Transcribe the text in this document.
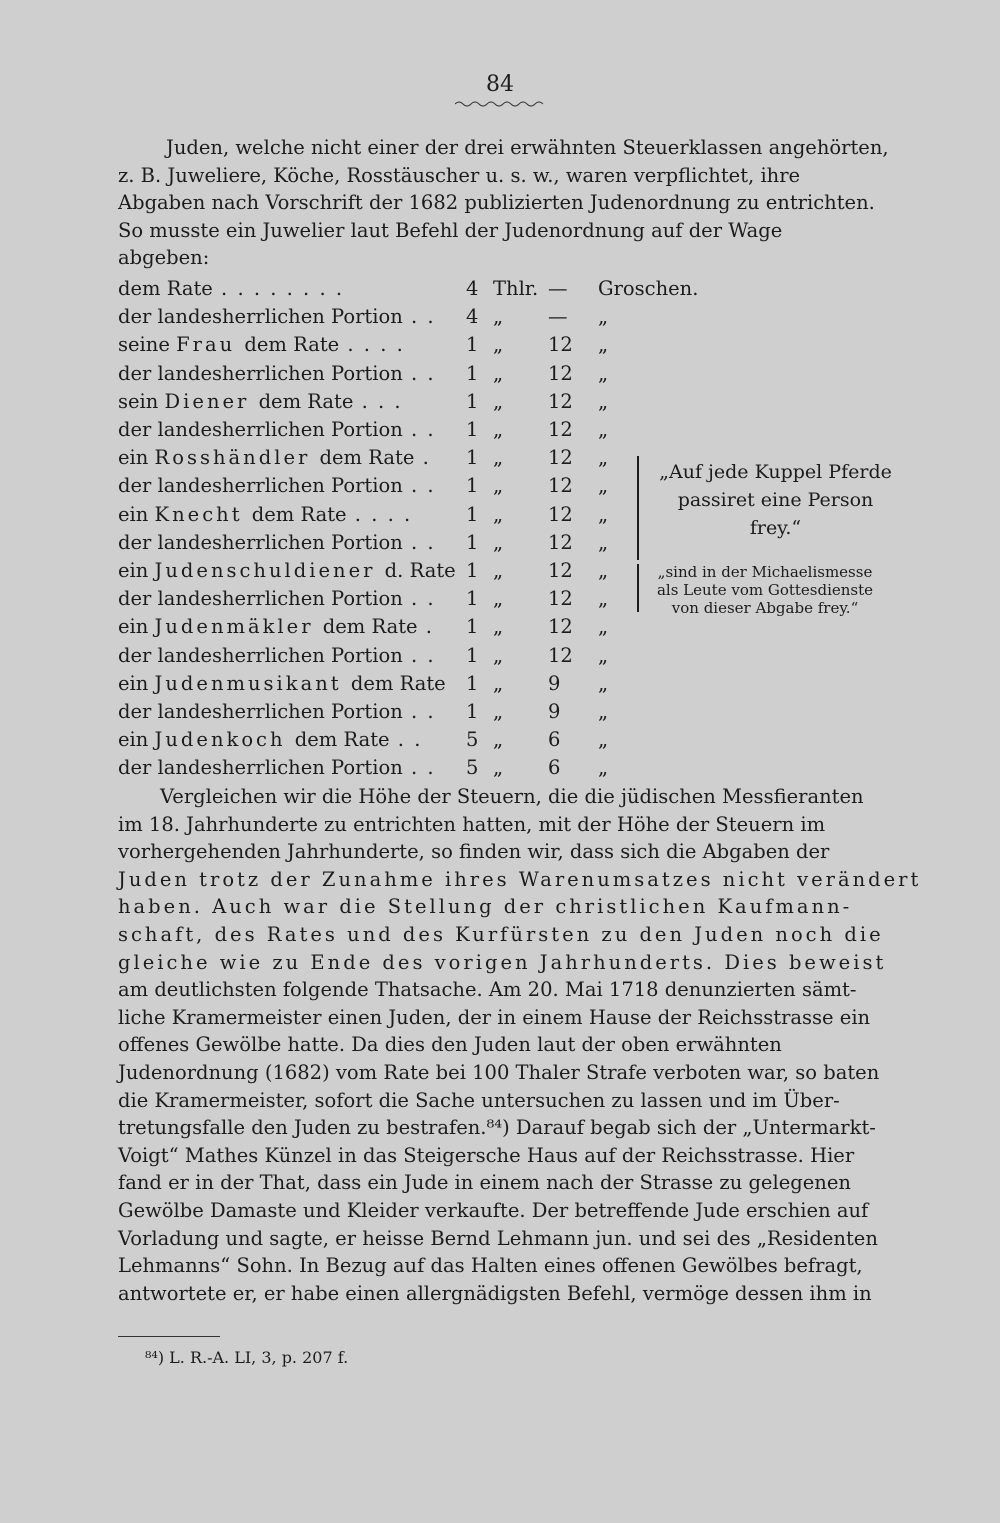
84
Juden, welche nicht einer der drei erwähnten Steuerklassen angehörten,
z. B. Juweliere, Köche, Rosstäuscher u. s. w., waren verpflichtet, ihre
Abgaben nach Vorschrift der 1682 publizierten Judenordnung zu entrichten.
So musste ein Juwelier laut Befehl der Judenordnung auf der Wage
abgeben:
dem Rate . . . . . . . .	4 Thlr. — Groschen.
der landesherrlichen Portion . . 4 „ — „
seine Frau dem Rate . . . .	1 „ 12 „
der landesherrlichen Portion . . 1 „ 12 „
sein Diener dem Rate . . .	1 „ 12 „
der landesherrlichen Portion . . 1 „ 12 „
ein Rosshändler dem Rate . 1 „ 12 „
der landesherrlichen Portion . . 1 „ 12 „
ein Knecht dem Rate . . . .	1 „ 12 „
der landesherrlichen Portion . . 1 „ 12 „
ein Judenschuldiener d. Rate 1 „ 12 „
der landesherrlichen Portion . . 1 „ 12 „
ein Judenmäkler dem Rate . 1 „ 12 „
der landesherrlichen Portion . . 1 „ 12 „
ein Judenmusikant dem Rate 1 „ 9 „
der landesherrlichen Portion . . 1 „ 9 „
ein Judenkoch dem Rate . . 5 „ 6 „
der landesherrlichen Portion . . 5 „ 6 „
„Auf jede Kuppel Pferde
passiret eine Person
frey.“
„sind in der Michaelismesse
als Leute vom Gottesdienste
von dieser Abgabe frey.“
Vergleichen wir die Höhe der Steuern, die die jüdischen Messfieranten
im 18. Jahrhunderte zu entrichten hatten, mit der Höhe der Steuern im
vorhergehenden Jahrhunderte, so finden wir, dass sich die Abgaben der
Juden trotz der Zunahme ihres Warenumsatzes nicht verändert
haben. Auch war die Stellung der christlichen Kaufmann-
schaft, des Rates und des Kurfürsten zu den Juden noch die
gleiche wie zu Ende des vorigen Jahrhunderts. Dies beweist
am deutlichsten folgende Thatsache. Am 20. Mai 1718 denunzierten sämt-
liche Kramermeister einen Juden, der in einem Hause der Reichsstrasse ein
offenes Gewölbe hatte. Da dies den Juden laut der oben erwähnten
Judenordnung (1682) vom Rate bei 100 Thaler Strafe verboten war, so baten
die Kramermeister, sofort die Sache untersuchen zu lassen und im Über-
tretungsfalle den Juden zu bestrafen.⁸⁴) Darauf begab sich der „Untermarkt-
Voigt“ Mathes Künzel in das Steigersche Haus auf der Reichsstrasse. Hier
fand er in der That, dass ein Jude in einem nach der Strasse zu gelegenen
Gewölbe Damaste und Kleider verkaufte. Der betreffende Jude erschien auf
Vorladung und sagte, er heisse Bernd Lehmann jun. und sei des „Residenten
Lehmanns“ Sohn. In Bezug auf das Halten eines offenen Gewölbes befragt,
antwortete er, er habe einen allergnädigsten Befehl, vermöge dessen ihm in
⁸⁴) L. R.-A. LI, 3, p. 207 f.
